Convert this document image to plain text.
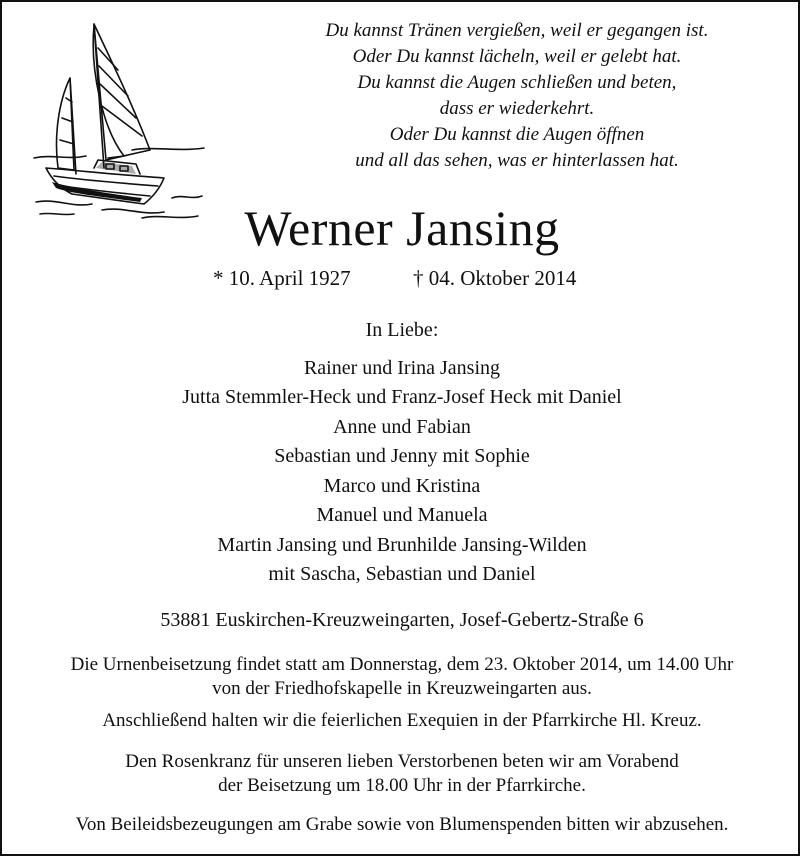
Du kannst Tränen vergießen, weil er gegangen ist.
Oder Du kannst lächeln, weil er gelebt hat.
Du kannst die Augen schließen und beten,
dass er wiederkehrt.
Oder Du kannst die Augen öffnen
und all das sehen, was er hinterlassen hat.
Werner Jansing
* 10. April 1927	† 04. Oktober 2014
In Liebe:
Rainer und Irina Jansing
Jutta Stemmler-Heck und Franz-Josef Heck mit Daniel
Anne und Fabian
Sebastian und Jenny mit Sophie
Marco und Kristina
Manuel und Manuela
Martin Jansing und Brunhilde Jansing-Wilden
mit Sascha, Sebastian und Daniel
53881 Euskirchen-Kreuzweingarten, Josef-Gebertz-Straße 6
Die Urnenbeisetzung findet statt am Donnerstag, dem 23. Oktober 2014, um 14.00 Uhr
von der Friedhofskapelle in Kreuzweingarten aus.
Anschließend halten wir die feierlichen Exequien in der Pfarrkirche Hl. Kreuz.
Den Rosenkranz für unseren lieben Verstorbenen beten wir am Vorabend
der Beisetzung um 18.00 Uhr in der Pfarrkirche.
Von Beileidsbezeugungen am Grabe sowie von Blumenspenden bitten wir abzusehen.
